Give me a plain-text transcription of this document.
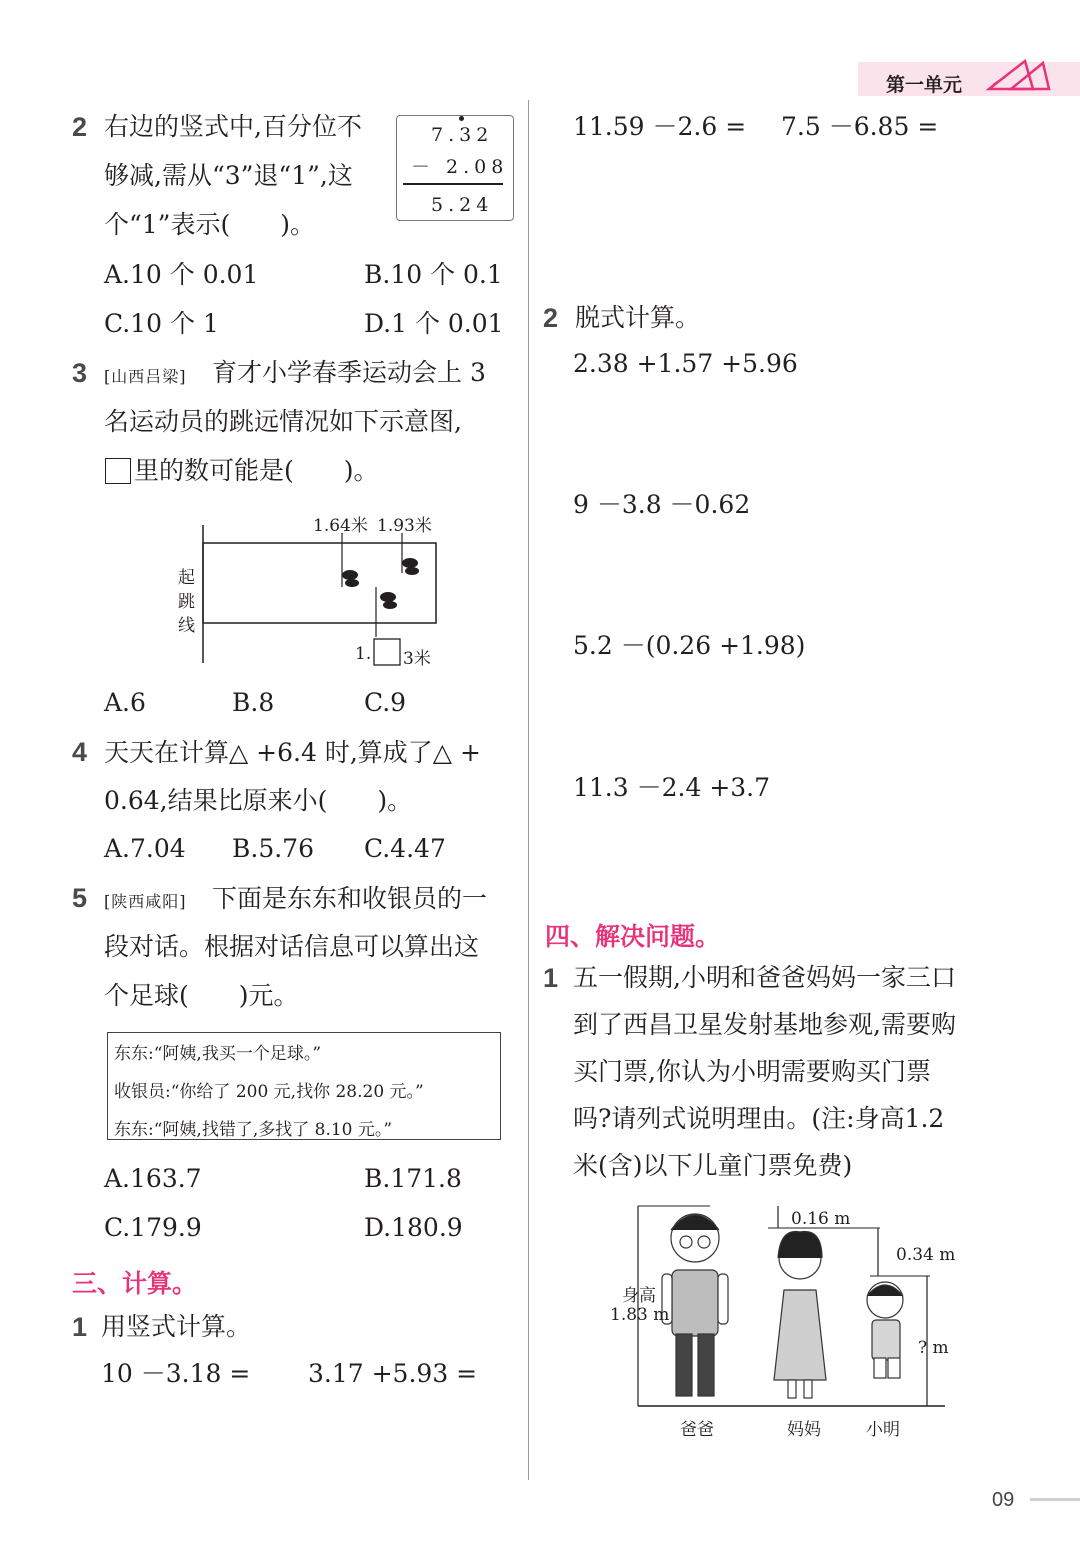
第一单元
2 右边的竖式中,百分位不
够减,需从“3”退“1”,这
个“1”表示(　　)。
7.32
－ 2.08
5.24
A.10 个 0.01	B.10 个 0.1
C.10 个 1	D.1 个 0.01
3 [山西吕梁] 育才小学春季运动会上 3
名运动员的跳远情况如下示意图,
里的数可能是(　　)。
1.64米 1.93米
起
跳
线
1. 3米
A.6	B.8	C.9
4 天天在计算△ +6.4 时,算成了△ +
0.64,结果比原来小(　　)。
A.7.04 B.5.76 C.4.47
5 [陕西咸阳] 下面是东东和收银员的一
段对话。根据对话信息可以算出这
个足球(　　)元。
东东:“阿姨,我买一个足球。”
收银员:“你给了 200 元,找你 28.20 元。”
东东:“阿姨,找错了,多找了 8.10 元。”
A.163.7	B.171.8
C.179.9	D.180.9
三、计算。
1 用竖式计算。
10 －3.18 = 3.17 +5.93 =
11.59 －2.6 = 7.5 －6.85 =
2 脱式计算。
2.38 +1.57 +5.96
9 －3.8 －0.62
5.2 －(0.26 +1.98)
11.3 －2.4 +3.7
四、解决问题。
1 五一假期,小明和爸爸妈妈一家三口
到了西昌卫星发射基地参观,需要购
买门票,你认为小明需要购买门票
吗?请列式说明理由。(注:身高1.2
米(含)以下儿童门票免费)
身高
1.83 m
0.16 m
0.34 m
? m
爸爸	妈妈	小明
09
